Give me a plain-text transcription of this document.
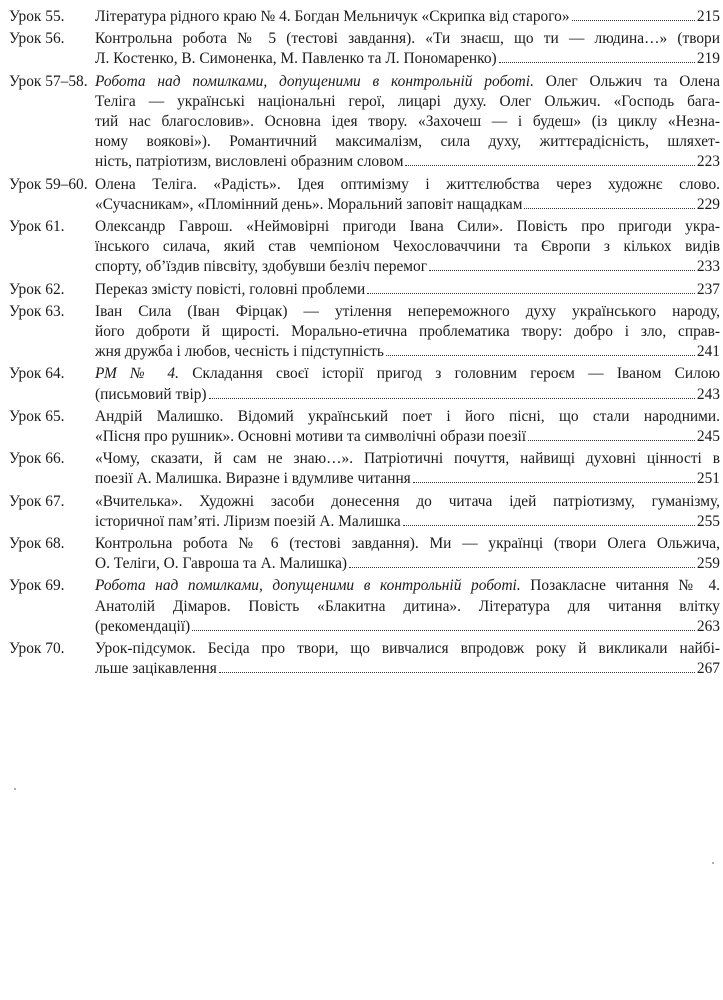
Урок 55.	Література рідного краю № 4. Богдан Мельничук «Скрипка від старого»	215
Урок 56.	Контрольна робота № 5 (тестові завдання). «Ти знаєш, що ти — людина…» (твори
Л. Костенко, В. Симоненка, М. Павленко та Л. Пономаренко)	219
Урок 57–58. Робота над помилками, допущеними в контрольній роботі. Олег Ольжич та Олена
Теліга — українські національні герої, лицарі духу. Олег Ольжич. «Господь бага-
тий нас благословив». Основна ідея твору. «Захочеш — і будеш» (із циклу «Незна-
ному воякові»). Романтичний максималізм, сила духу, життєрадісність, шляхет-
ність, патріотизм, висловлені образним словом	223
Урок 59–60. Олена Теліга. «Радість». Ідея оптимізму і життєлюбства через художнє слово.
«Сучасникам», «Пломінний день». Моральний заповіт нащадкам	229
Урок 61.	Олександр Гаврош. «Неймовірні пригоди Івана Сили». Повість про пригоди укра-
їнського силача, який став чемпіоном Чехословаччини та Європи з кількох видів
спорту, об’їздив півсвіту, здобувши безліч перемог	233
Урок 62.	Переказ змісту повісті, головні проблеми	237
Урок 63.	Іван Сила (Іван Фірцак) — утілення непереможного духу українського народу,
його доброти й щирості. Морально-етична проблематика твору: добро і зло, справ-
жня дружба і любов, чесність і підступність	241
Урок 64.	РМ № 4. Складання своєї історії пригод з головним героєм — Іваном Силою
(письмовий твір)	243
Урок 65.	Андрій Малишко. Відомий український поет і його пісні, що стали народними.
«Пісня про рушник». Основні мотиви та символічні образи поезії	245
Урок 66.	«Чому, сказати, й сам не знаю…». Патріотичні почуття, найвищі духовні цінності в
поезії А. Малишка. Виразне і вдумливе читання	251
Урок 67.	«Вчителька». Художні засоби донесення до читача ідей патріотизму, гуманізму,
історичної пам’яті. Ліризм поезій А. Малишка	255
Урок 68.	Контрольна робота № 6 (тестові завдання). Ми — українці (твори Олега Ольжича,
О. Теліги, О. Гавроша та А. Малишка)	259
Урок 69.	Робота над помилками, допущеними в контрольній роботі. Позакласне читання № 4.
Анатолій Дімаров. Повість «Блакитна дитина». Література для читання влітку
(рекомендації)	263
Урок 70.	Урок-підсумок. Бесіда про твори, що вивчалися впродовж року й викликали найбі-
льше зацікавлення	267
